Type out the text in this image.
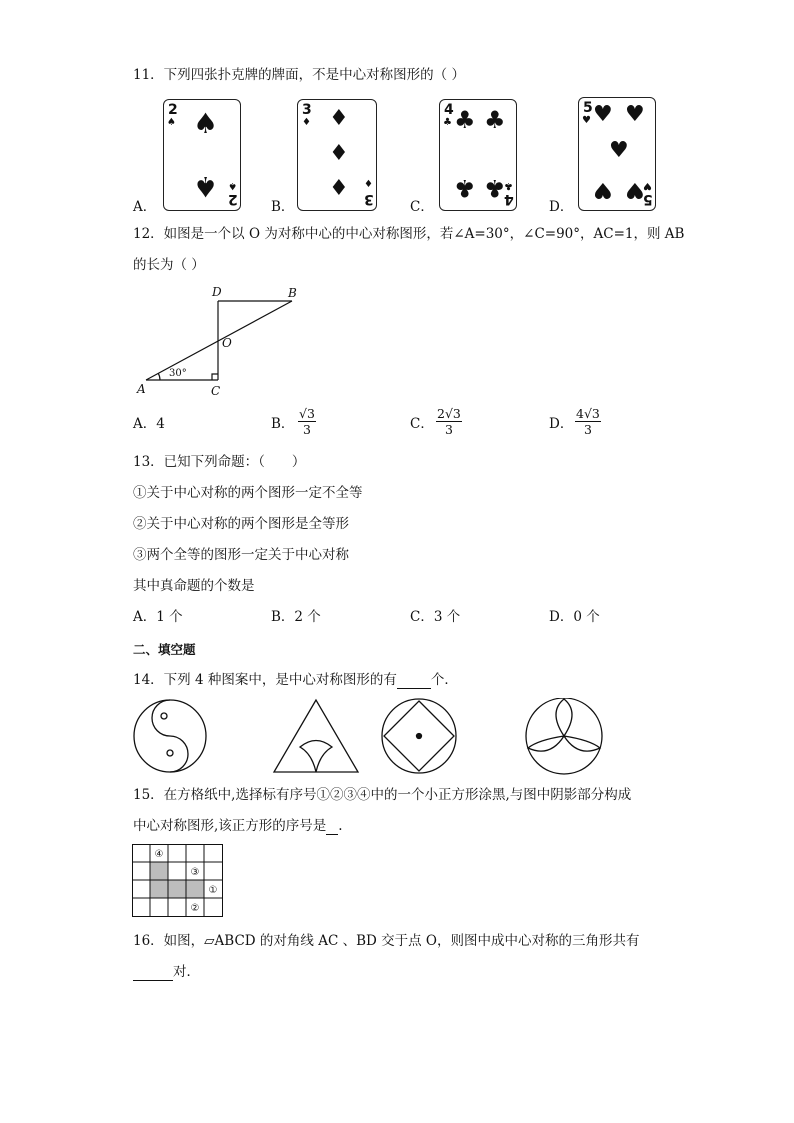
11．下列四张扑克牌的牌面，不是中心对称图形的（ ）
A．
2
♠ ♠
♠ ♠
2 B．
3
♦ ♦
♦
♦ ♦
3	C．
4
♣ ♣ ♣
♣ ♣
♣
4	D．
5
♥ ♥ ♥
♥
♥ ♥
♥
5
12．如图是一个以 O 为对称中心的中心对称图形，若∠A=30°，∠C=90°，AC=1，则 AB
的长为（ ）
D	B
O
A	C
30°
A．4	B． $\frac{√3}{3}$	C． $\frac{2√3}{3}$	D． $\frac{4√3}{3}$
13．已知下列命题：（　　）
①关于中心对称的两个图形一定不全等
②关于中心对称的两个图形是全等形
③两个全等的图形一定关于中心对称
其中真命题的个数是
A．1 个	B．2 个	C．3 个	D．0 个
二、填空题
14．下列 4 种图案中，是中心对称图形的有	个．
15．在方格纸中,选择标有序号①②③④中的一个小正方形涂黑,与图中阴影部分构成
中心对称图形,该正方形的序号是 .
④
③
①
②
16．如图，▱ABCD 的对角线 AC 、BD 交于点 O，则图中成中心对称的三角形共有
对．
